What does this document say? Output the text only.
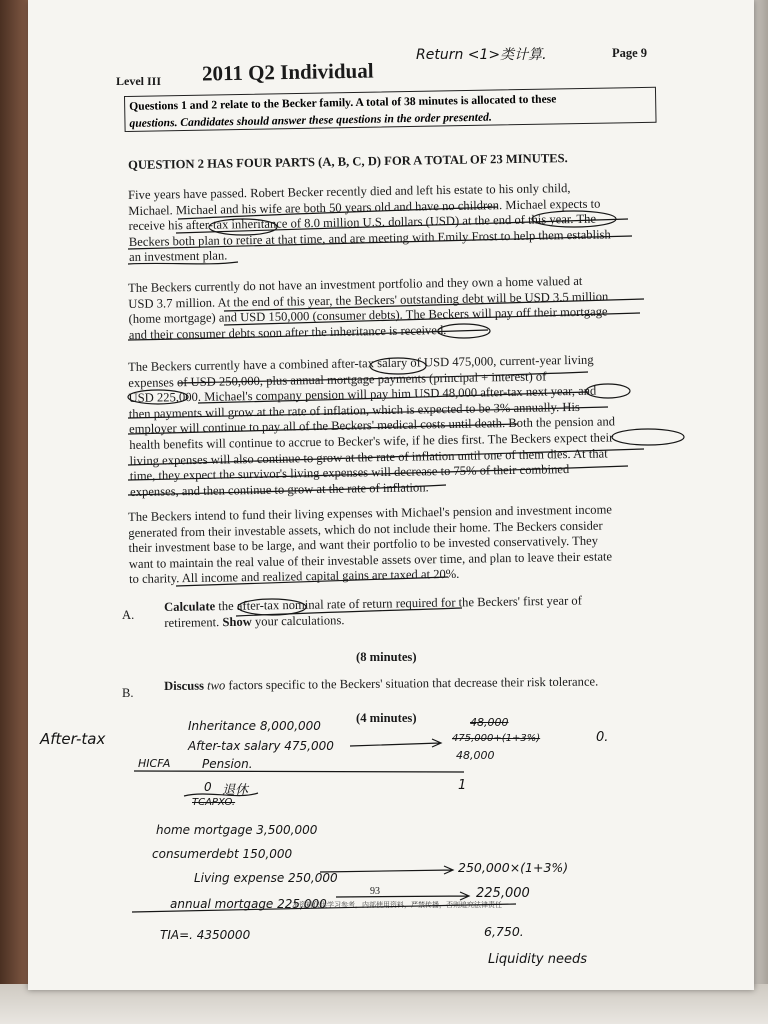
Level III 2011 Q2 Individual
Return <1>类计算.	Page 9
Questions 1 and 2 relate to the Becker family. A total of 38 minutes is allocated to these
questions. Candidates should answer these questions in the order presented.
QUESTION 2 HAS FOUR PARTS (A, B, C, D) FOR A TOTAL OF 23 MINUTES.
Five years have passed. Robert Becker recently died and left his estate to his only child,
Michael. Michael and his wife are both 50 years old and have no children. Michael expects to
receive his after-tax inheritance of 8.0 million U.S. dollars (USD) at the end of this year. The
Beckers both plan to retire at that time, and are meeting with Emily Frost to help them establish
an investment plan.
The Beckers currently do not have an investment portfolio and they own a home valued at
USD 3.7 million. At the end of this year, the Beckers' outstanding debt will be USD 3.5 million
(home mortgage) and USD 150,000 (consumer debts). The Beckers will pay off their mortgage
and their consumer debts soon after the inheritance is received.
The Beckers currently have a combined after-tax salary of USD 475,000, current-year living
expenses of USD 250,000, plus annual mortgage payments (principal + interest) of
USD 225,000. Michael's company pension will pay him USD 48,000 after-tax next year, and
then payments will grow at the rate of inflation, which is expected to be 3% annually. His
employer will continue to pay all of the Beckers' medical costs until death. Both the pension and
health benefits will continue to accrue to Becker's wife, if he dies first. The Beckers expect their
living expenses will also continue to grow at the rate of inflation until one of them dies. At that
time, they expect the survivor's living expenses will decrease to 75% of their combined
expenses, and then continue to grow at the rate of inflation.
The Beckers intend to fund their living expenses with Michael's pension and investment income
generated from their investable assets, which do not include their home. The Beckers consider
their investment base to be large, and want their portfolio to be invested conservatively. They
want to maintain the real value of their investable assets over time, and plan to leave their estate
to charity. All income and realized capital gains are taxed at 20%.
A.
Calculate the after-tax nominal rate of return required for the Beckers' first year of
retirement. Show your calculations.
(8 minutes)
B.
Discuss two factors specific to the Beckers' situation that decrease their risk tolerance.
(4 minutes)
After-tax
Inheritance 8,000,000
After-tax salary 475,000
HICFA	Pension.
0 退休
TCAPXO.
48,000
475,000+(1+3%)	0.
48,000
1
home mortgage 3,500,000
consumerdebt 150,000
Living expense 250,000
250,000×(1+3%)
annual mortgage 225,000
225,000
TIA=. 4350000	6,750.
Liquidity needs
93
本资料仅供学习参考，内部使用资料，严禁传播，否则追究法律责任
